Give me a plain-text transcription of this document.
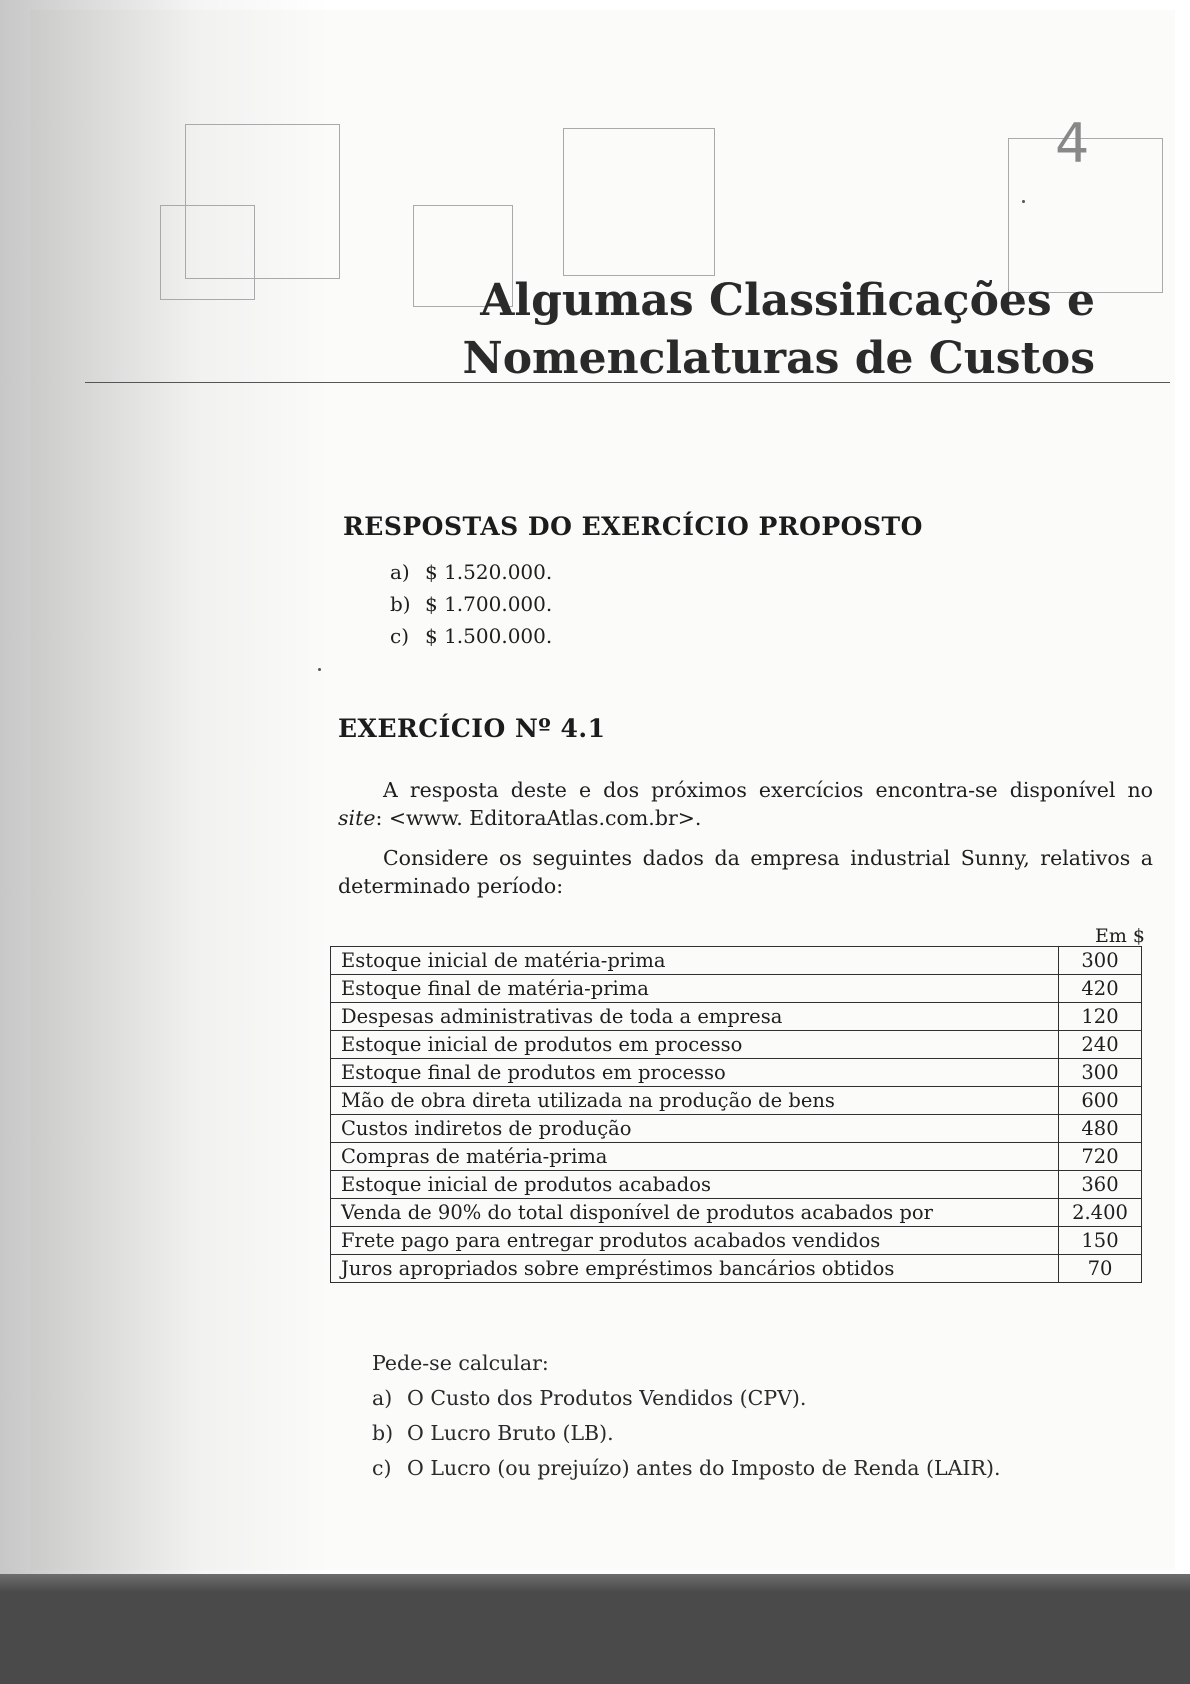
4
Algumas Classificações e
Nomenclaturas de Custos
RESPOSTAS DO EXERCÍCIO PROPOSTO
a) $ 1.520.000.
b) $ 1.700.000.
c) $ 1.500.000.
EXERCÍCIO Nº 4.1
A resposta deste e dos próximos exercícios encontra-se disponível no site: <www. EditoraAtlas.com.br>.
Considere os seguintes dados da empresa industrial Sunny, relativos a determinado período:
Em $
Estoque inicial de matéria-prima	300
Estoque final de matéria-prima	420
Despesas administrativas de toda a empresa	120
Estoque inicial de produtos em processo	240
Estoque final de produtos em processo	300
Mão de obra direta utilizada na produção de bens	600
Custos indiretos de produção	480
Compras de matéria-prima	720
Estoque inicial de produtos acabados	360
Venda de 90% do total disponível de produtos acabados por	2.400
Frete pago para entregar produtos acabados vendidos	150
Juros apropriados sobre empréstimos bancários obtidos	70
Pede-se calcular:
a) O Custo dos Produtos Vendidos (CPV).
b) O Lucro Bruto (LB).
c) O Lucro (ou prejuízo) antes do Imposto de Renda (LAIR).
